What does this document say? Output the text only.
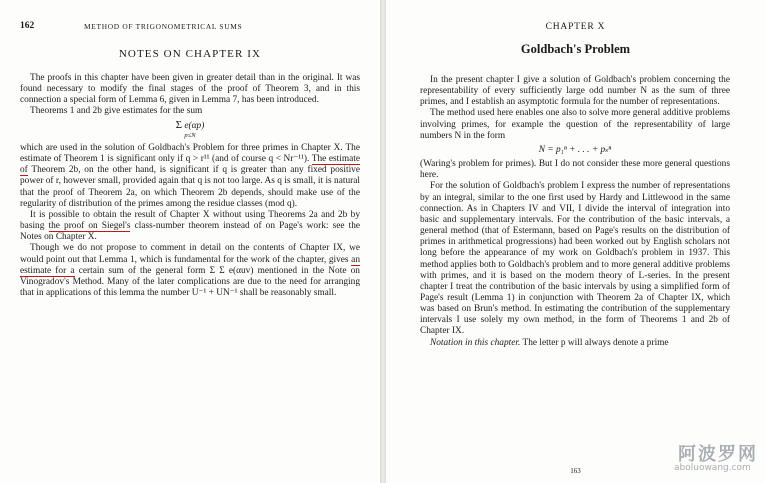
162	METHOD OF TRIGONOMETRICAL SUMS
NOTES ON CHAPTER IX

The proofs in this chapter have been given in greater detail than in the original. It was found necessary to modify the final stages of the proof of Theorem 3, and in this connection a special form of Lemma 6, given in Lemma 7, has been introduced.

Theorems 1 and 2b give estimates for the sum

Σ e(αp)
p≤N

which are used in the solution of Goldbach's Problem for three primes in Chapter X. The estimate of Theorem 1 is significant only if q > r¹¹ (and of course q < Nr⁻¹¹). The estimate of Theorem 2b, on the other hand, is significant if q is greater than any fixed positive power of r, however small, provided again that q is not too large. As q is small, it is natural that the proof of Theorem 2a, on which Theorem 2b depends, should make use of the regularity of distribution of the primes among the residue classes (mod q).

It is possible to obtain the result of Chapter X without using Theorems 2a and 2b by basing the proof on Siegel's class-number theorem instead of on Page's work: see the Notes on Chapter X.

Though we do not propose to comment in detail on the contents of Chapter IX, we would point out that Lemma 1, which is fundamental for the work of the chapter, gives an estimate for a certain sum of the general form Σ Σ e(αuv) mentioned in the Note on Vinogradov's Method. Many of the later complications are due to the need for arranging that in applications of this lemma the number U⁻¹ + UN⁻¹ shall be reasonably small.

CHAPTER X
Goldbach's Problem

In the present chapter I give a solution of Goldbach's problem concerning the representability of every sufficiently large odd number N as the sum of three primes, and I establish an asymptotic formula for the number of representations.

The method used here enables one also to solve more general additive problems involving primes, for example the question of the representability of large numbers N in the form

N = p₁ⁿ + . . . + pₛⁿ

(Waring's problem for primes). But I do not consider these more general questions here.

For the solution of Goldbach's problem I express the number of representations by an integral, similar to the one first used by Hardy and Littlewood in the same connection. As in Chapters IV and VII, I divide the interval of integration into basic and supplementary intervals. For the contribution of the basic intervals, a general method (that of Estermann, based on Page's results on the distribution of primes in arithmetical progressions) had been worked out by English scholars not long before the appearance of my work on Goldbach's problem in 1937. This method applies both to Goldbach's problem and to more general additive problems with primes, and it is based on the modern theory of L-series. In the present chapter I treat the contribution of the basic intervals by using a simplified form of Page's result (Lemma 1) in conjunction with Theorem 2a of Chapter IX, which was based on Brun's method. In estimating the contribution of the supplementary intervals I use solely my own method, in the form of Theorems 1 and 2b of Chapter IX.

Notation in this chapter. The letter p will always denote a prime

163
阿波罗网
aboluowang.com
